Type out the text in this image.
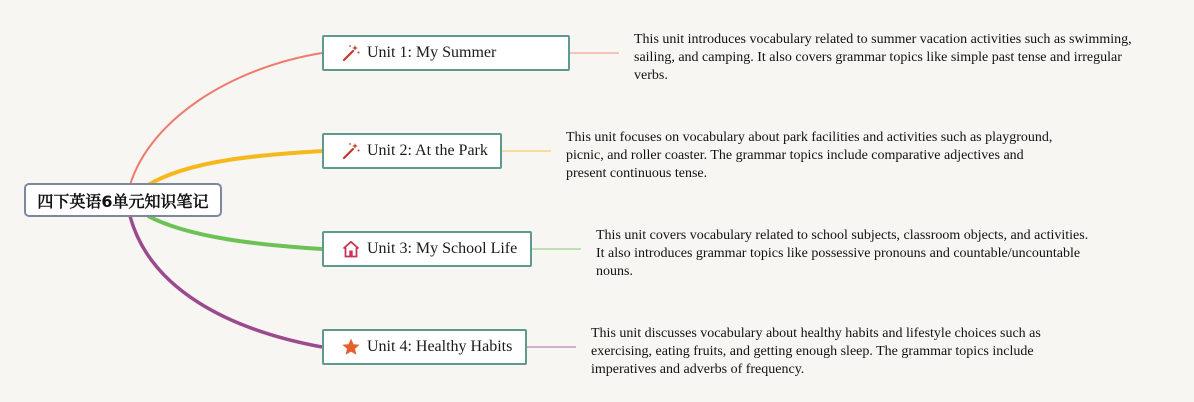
四下英语6单元知识笔记
Unit 1: My Summer
Unit 2: At the Park
Unit 3: My School Life
Unit 4: Healthy Habits
This unit introduces vocabulary related to summer vacation activities such as swimming, sailing, and camping. It also covers grammar topics like simple past tense and irregular verbs.
This unit focuses on vocabulary about park facilities and activities such as playground, picnic, and roller coaster. The grammar topics include comparative adjectives and present continuous tense.
This unit covers vocabulary related to school subjects, classroom objects, and activities. It also introduces grammar topics like possessive pronouns and countable/uncountable nouns.
This unit discusses vocabulary about healthy habits and lifestyle choices such as exercising, eating fruits, and getting enough sleep. The grammar topics include imperatives and adverbs of frequency.
